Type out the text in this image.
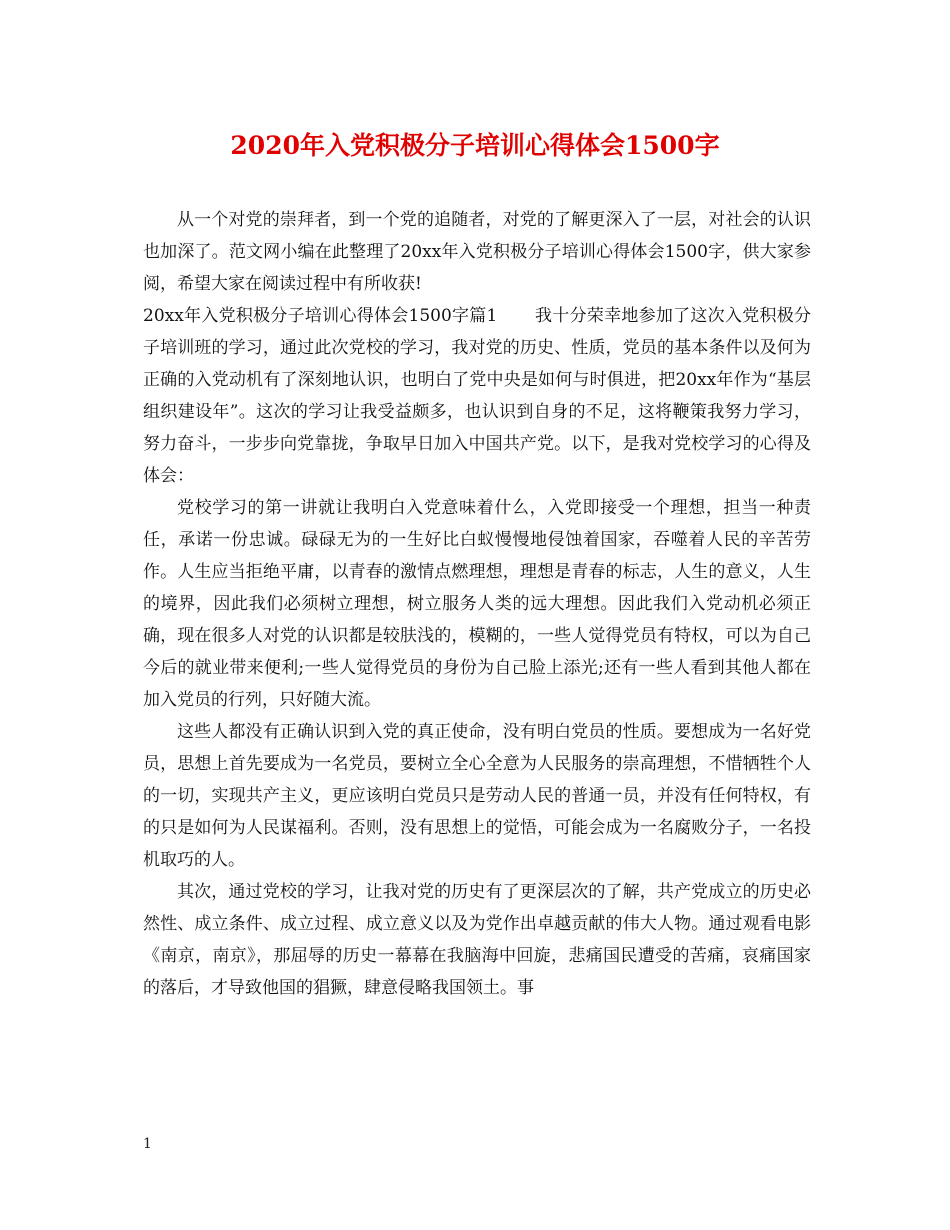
2020年入党积极分子培训心得体会1500字

从一个对党的崇拜者，到一个党的追随者，对党的了解更深入了一层，对社会的认识也加深了。范文网小编在此整理了20xx年入党积极分子培训心得体会1500字，供大家参阅，希望大家在阅读过程中有所收获!

20xx年入党积极分子培训心得体会1500字篇1 我十分荣幸地参加了这次入党积极分子培训班的学习，通过此次党校的学习，我对党的历史、性质，党员的基本条件以及何为正确的入党动机有了深刻地认识，也明白了党中央是如何与时俱进，把20xx年作为“基层组织建设年”。这次的学习让我受益颇多，也认识到自身的不足，这将鞭策我努力学习，努力奋斗，一步步向党靠拢，争取早日加入中国共产党。以下，是我对党校学习的心得及体会：

党校学习的第一讲就让我明白入党意味着什么，入党即接受一个理想，担当一种责任，承诺一份忠诚。碌碌无为的一生好比白蚁慢慢地侵蚀着国家，吞噬着人民的辛苦劳作。人生应当拒绝平庸，以青春的激情点燃理想，理想是青春的标志，人生的意义，人生的境界，因此我们必须树立理想，树立服务人类的远大理想。因此我们入党动机必须正确，现在很多人对党的认识都是较肤浅的，模糊的，一些人觉得党员有特权，可以为自己今后的就业带来便利;一些人觉得党员的身份为自己脸上添光;还有一些人看到其他人都在加入党员的行列，只好随大流。

这些人都没有正确认识到入党的真正使命，没有明白党员的性质。要想成为一名好党员，思想上首先要成为一名党员，要树立全心全意为人民服务的崇高理想，不惜牺牲个人的一切，实现共产主义，更应该明白党员只是劳动人民的普通一员，并没有任何特权，有的只是如何为人民谋福利。否则，没有思想上的觉悟，可能会成为一名腐败分子，一名投机取巧的人。

其次，通过党校的学习，让我对党的历史有了更深层次的了解，共产党成立的历史必然性、成立条件、成立过程、成立意义以及为党作出卓越贡献的伟大人物。通过观看电影《南京，南京》，那屈辱的历史一幕幕在我脑海中回旋，悲痛国民遭受的苦痛，哀痛国家的落后，才导致他国的猖獗，肆意侵略我国领土。事

1
